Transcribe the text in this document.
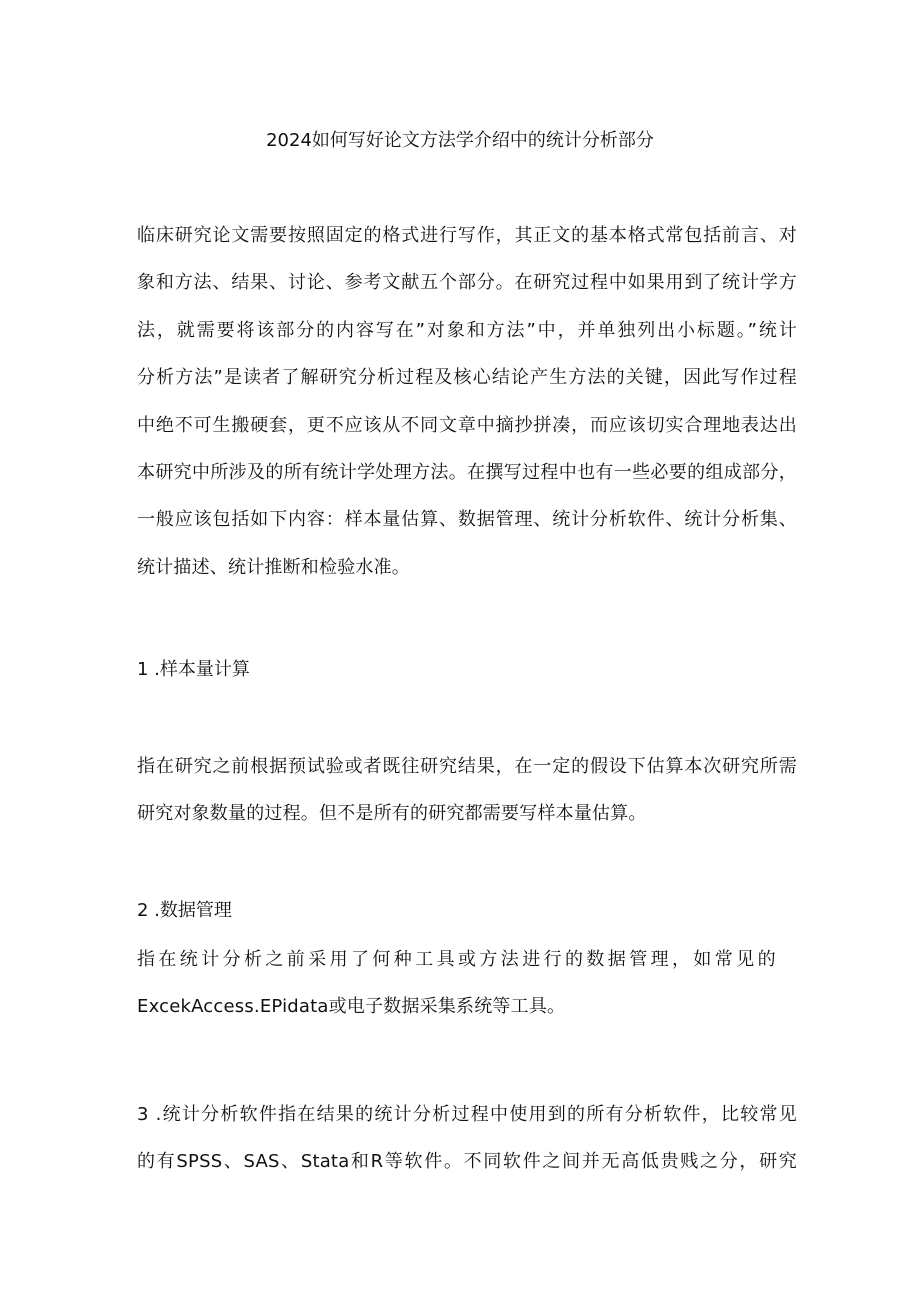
2024如何写好论文方法学介绍中的统计分析部分
临床研究论文需要按照固定的格式进行写作，其正文的基本格式常包括前言、对
象和方法、结果、讨论、参考文献五个部分。在研究过程中如果用到了统计学方
法，就需要将该部分的内容写在”对象和方法”中，并单独列出小标题。”统计
分析方法”是读者了解研究分析过程及核心结论产生方法的关键，因此写作过程
中绝不可生搬硬套，更不应该从不同文章中摘抄拼凑，而应该切实合理地表达出
本研究中所涉及的所有统计学处理方法。在撰写过程中也有一些必要的组成部分，
一般应该包括如下内容：样本量估算、数据管理、统计分析软件、统计分析集、
统计描述、统计推断和检验水准。
1 .样本量计算
指在研究之前根据预试验或者既往研究结果，在一定的假设下估算本次研究所需
研究对象数量的过程。但不是所有的研究都需要写样本量估算。
2 .数据管理
指在统计分析之前采用了何种工具或方法进行的数据管理，如常见的
ExcekAccess.EPidata或电子数据采集系统等工具。
3 .统计分析软件指在结果的统计分析过程中使用到的所有分析软件，比较常见
的有SPSS、SAS、Stata和R等软件。不同软件之间并无高低贵贱之分，研究
